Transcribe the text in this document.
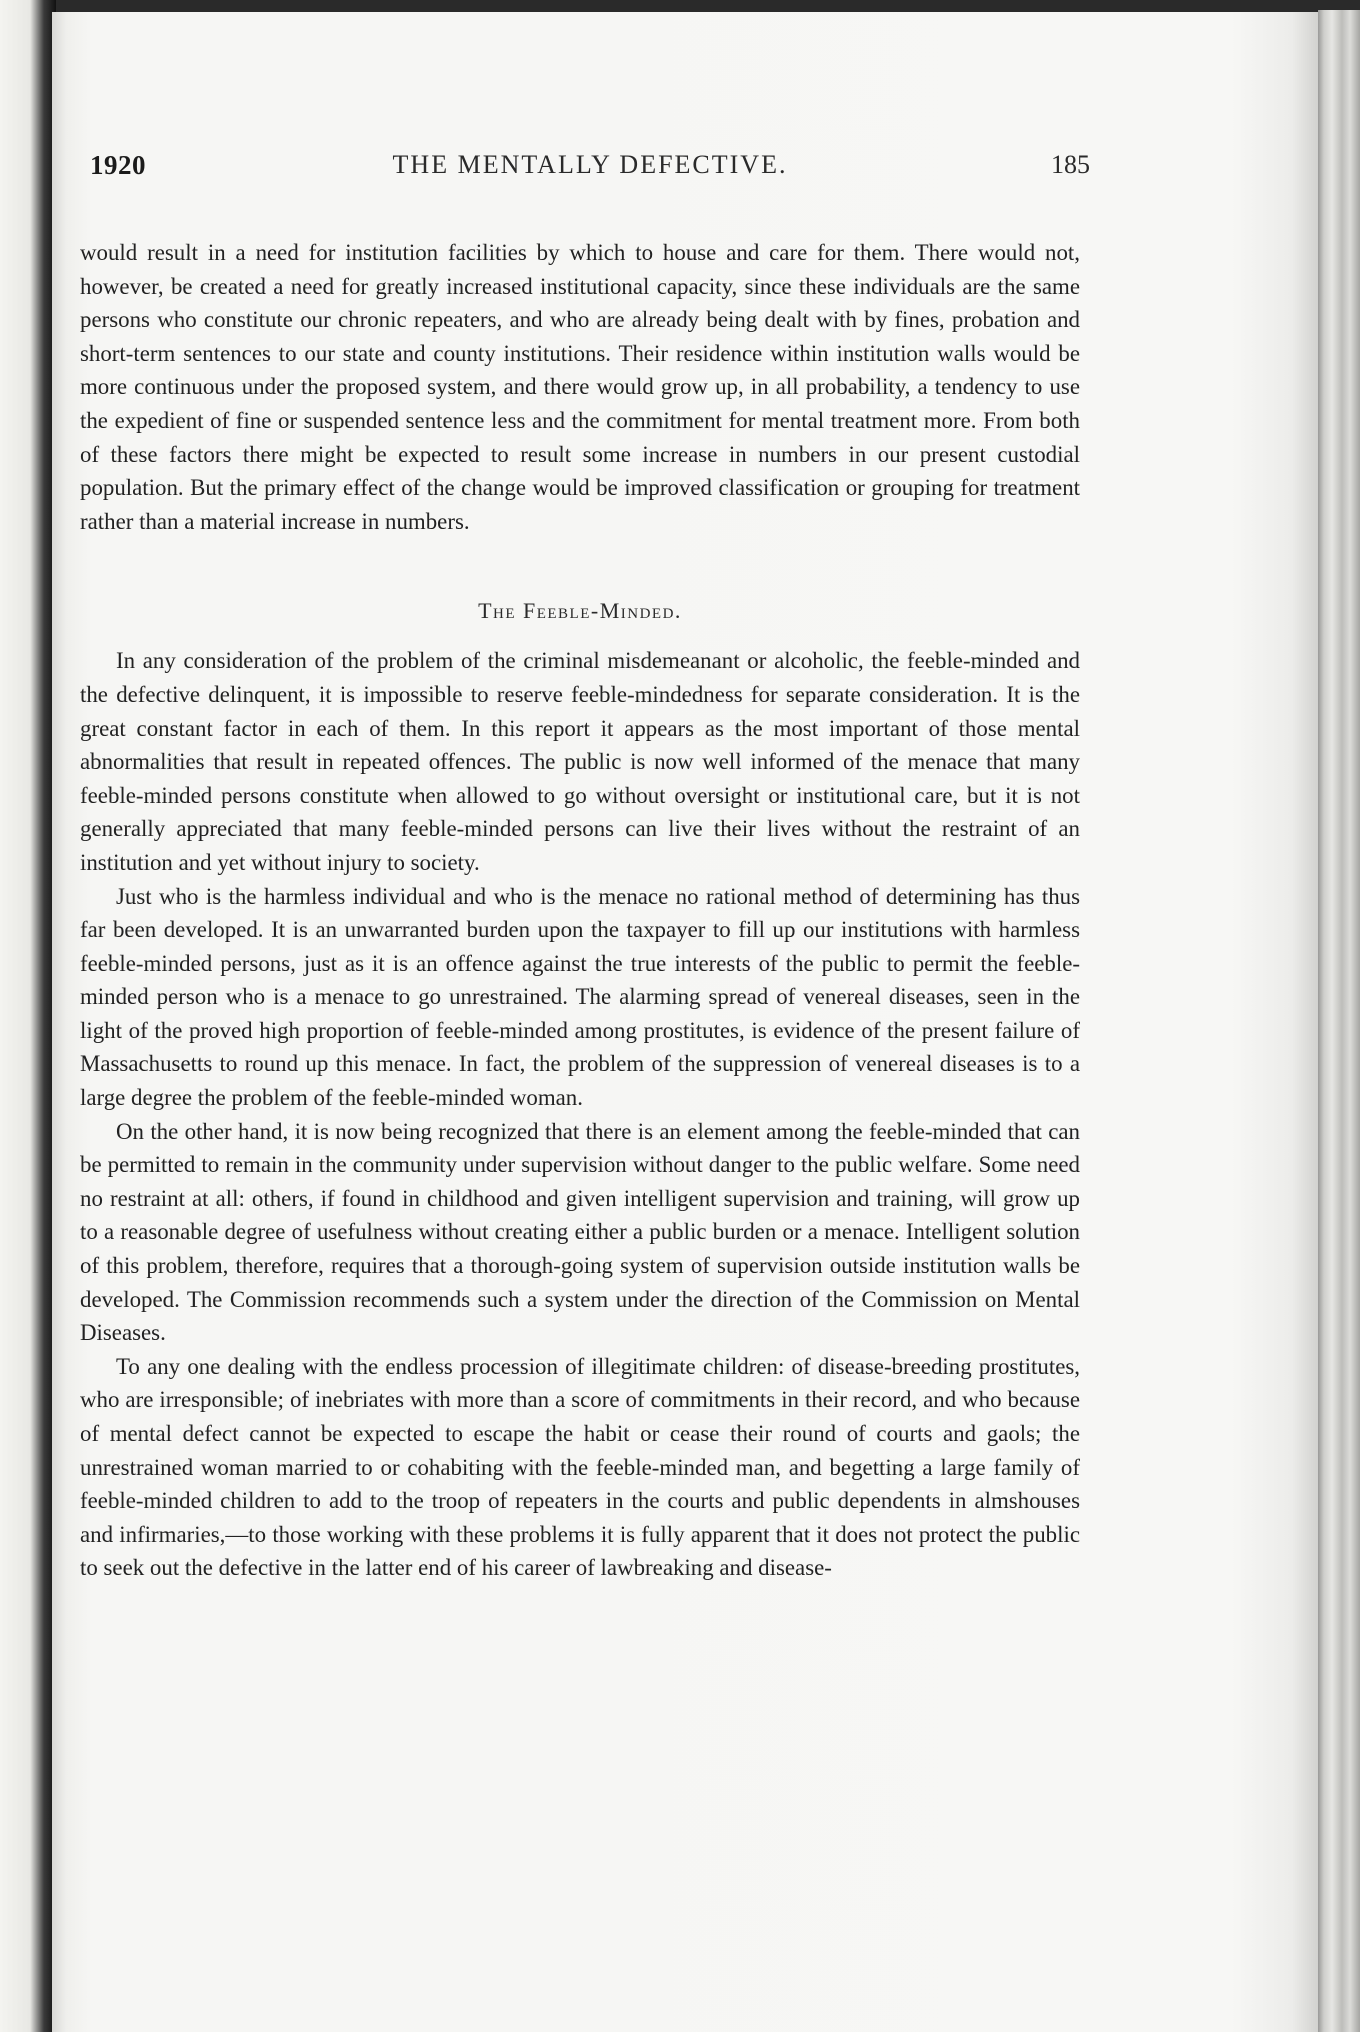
1920	THE MENTALLY DEFECTIVE.	185

would result in a need for institution facilities by which to house and care for them. There would not, however, be created a need for greatly increased institutional capacity, since these individuals are the same persons who constitute our chronic repeaters, and who are already being dealt with by fines, probation and short-term sentences to our state and county institutions. Their residence within institution walls would be more continuous under the proposed system, and there would grow up, in all probability, a tendency to use the expedient of fine or suspended sentence less and the commitment for mental treatment more. From both of these factors there might be expected to result some increase in numbers in our present custodial population. But the primary effect of the change would be improved classification or grouping for treatment rather than a material increase in numbers.

The Feeble-Minded.

In any consideration of the problem of the criminal misdemeanant or alcoholic, the feeble-minded and the defective delinquent, it is impossible to reserve feeble-mindedness for separate consideration. It is the great constant factor in each of them. In this report it appears as the most important of those mental abnormalities that result in repeated offences. The public is now well informed of the menace that many feeble-minded persons constitute when allowed to go without oversight or institutional care, but it is not generally appreciated that many feeble-minded persons can live their lives without the restraint of an institution and yet without injury to society.

Just who is the harmless individual and who is the menace no rational method of determining has thus far been developed. It is an unwarranted burden upon the taxpayer to fill up our institutions with harmless feeble-minded persons, just as it is an offence against the true interests of the public to permit the feeble-minded person who is a menace to go unrestrained. The alarming spread of venereal diseases, seen in the light of the proved high proportion of feeble-minded among prostitutes, is evidence of the present failure of Massachusetts to round up this menace. In fact, the problem of the suppression of venereal diseases is to a large degree the problem of the feeble-minded woman.

On the other hand, it is now being recognized that there is an element among the feeble-minded that can be permitted to remain in the community under supervision without danger to the public welfare. Some need no restraint at all: others, if found in childhood and given intelligent supervision and training, will grow up to a reasonable degree of usefulness without creating either a public burden or a menace. Intelligent solution of this problem, therefore, requires that a thorough-going system of supervision outside institution walls be developed. The Commission recommends such a system under the direction of the Commission on Mental Diseases.

To any one dealing with the endless procession of illegitimate children: of disease-breeding prostitutes, who are irresponsible; of inebriates with more than a score of commitments in their record, and who because of mental defect cannot be expected to escape the habit or cease their round of courts and gaols; the unrestrained woman married to or cohabiting with the feeble-minded man, and begetting a large family of feeble-minded children to add to the troop of repeaters in the courts and public dependents in almshouses and infirmaries,—to those working with these problems it is fully apparent that it does not protect the public to seek out the defective in the latter end of his career of lawbreaking and disease-
